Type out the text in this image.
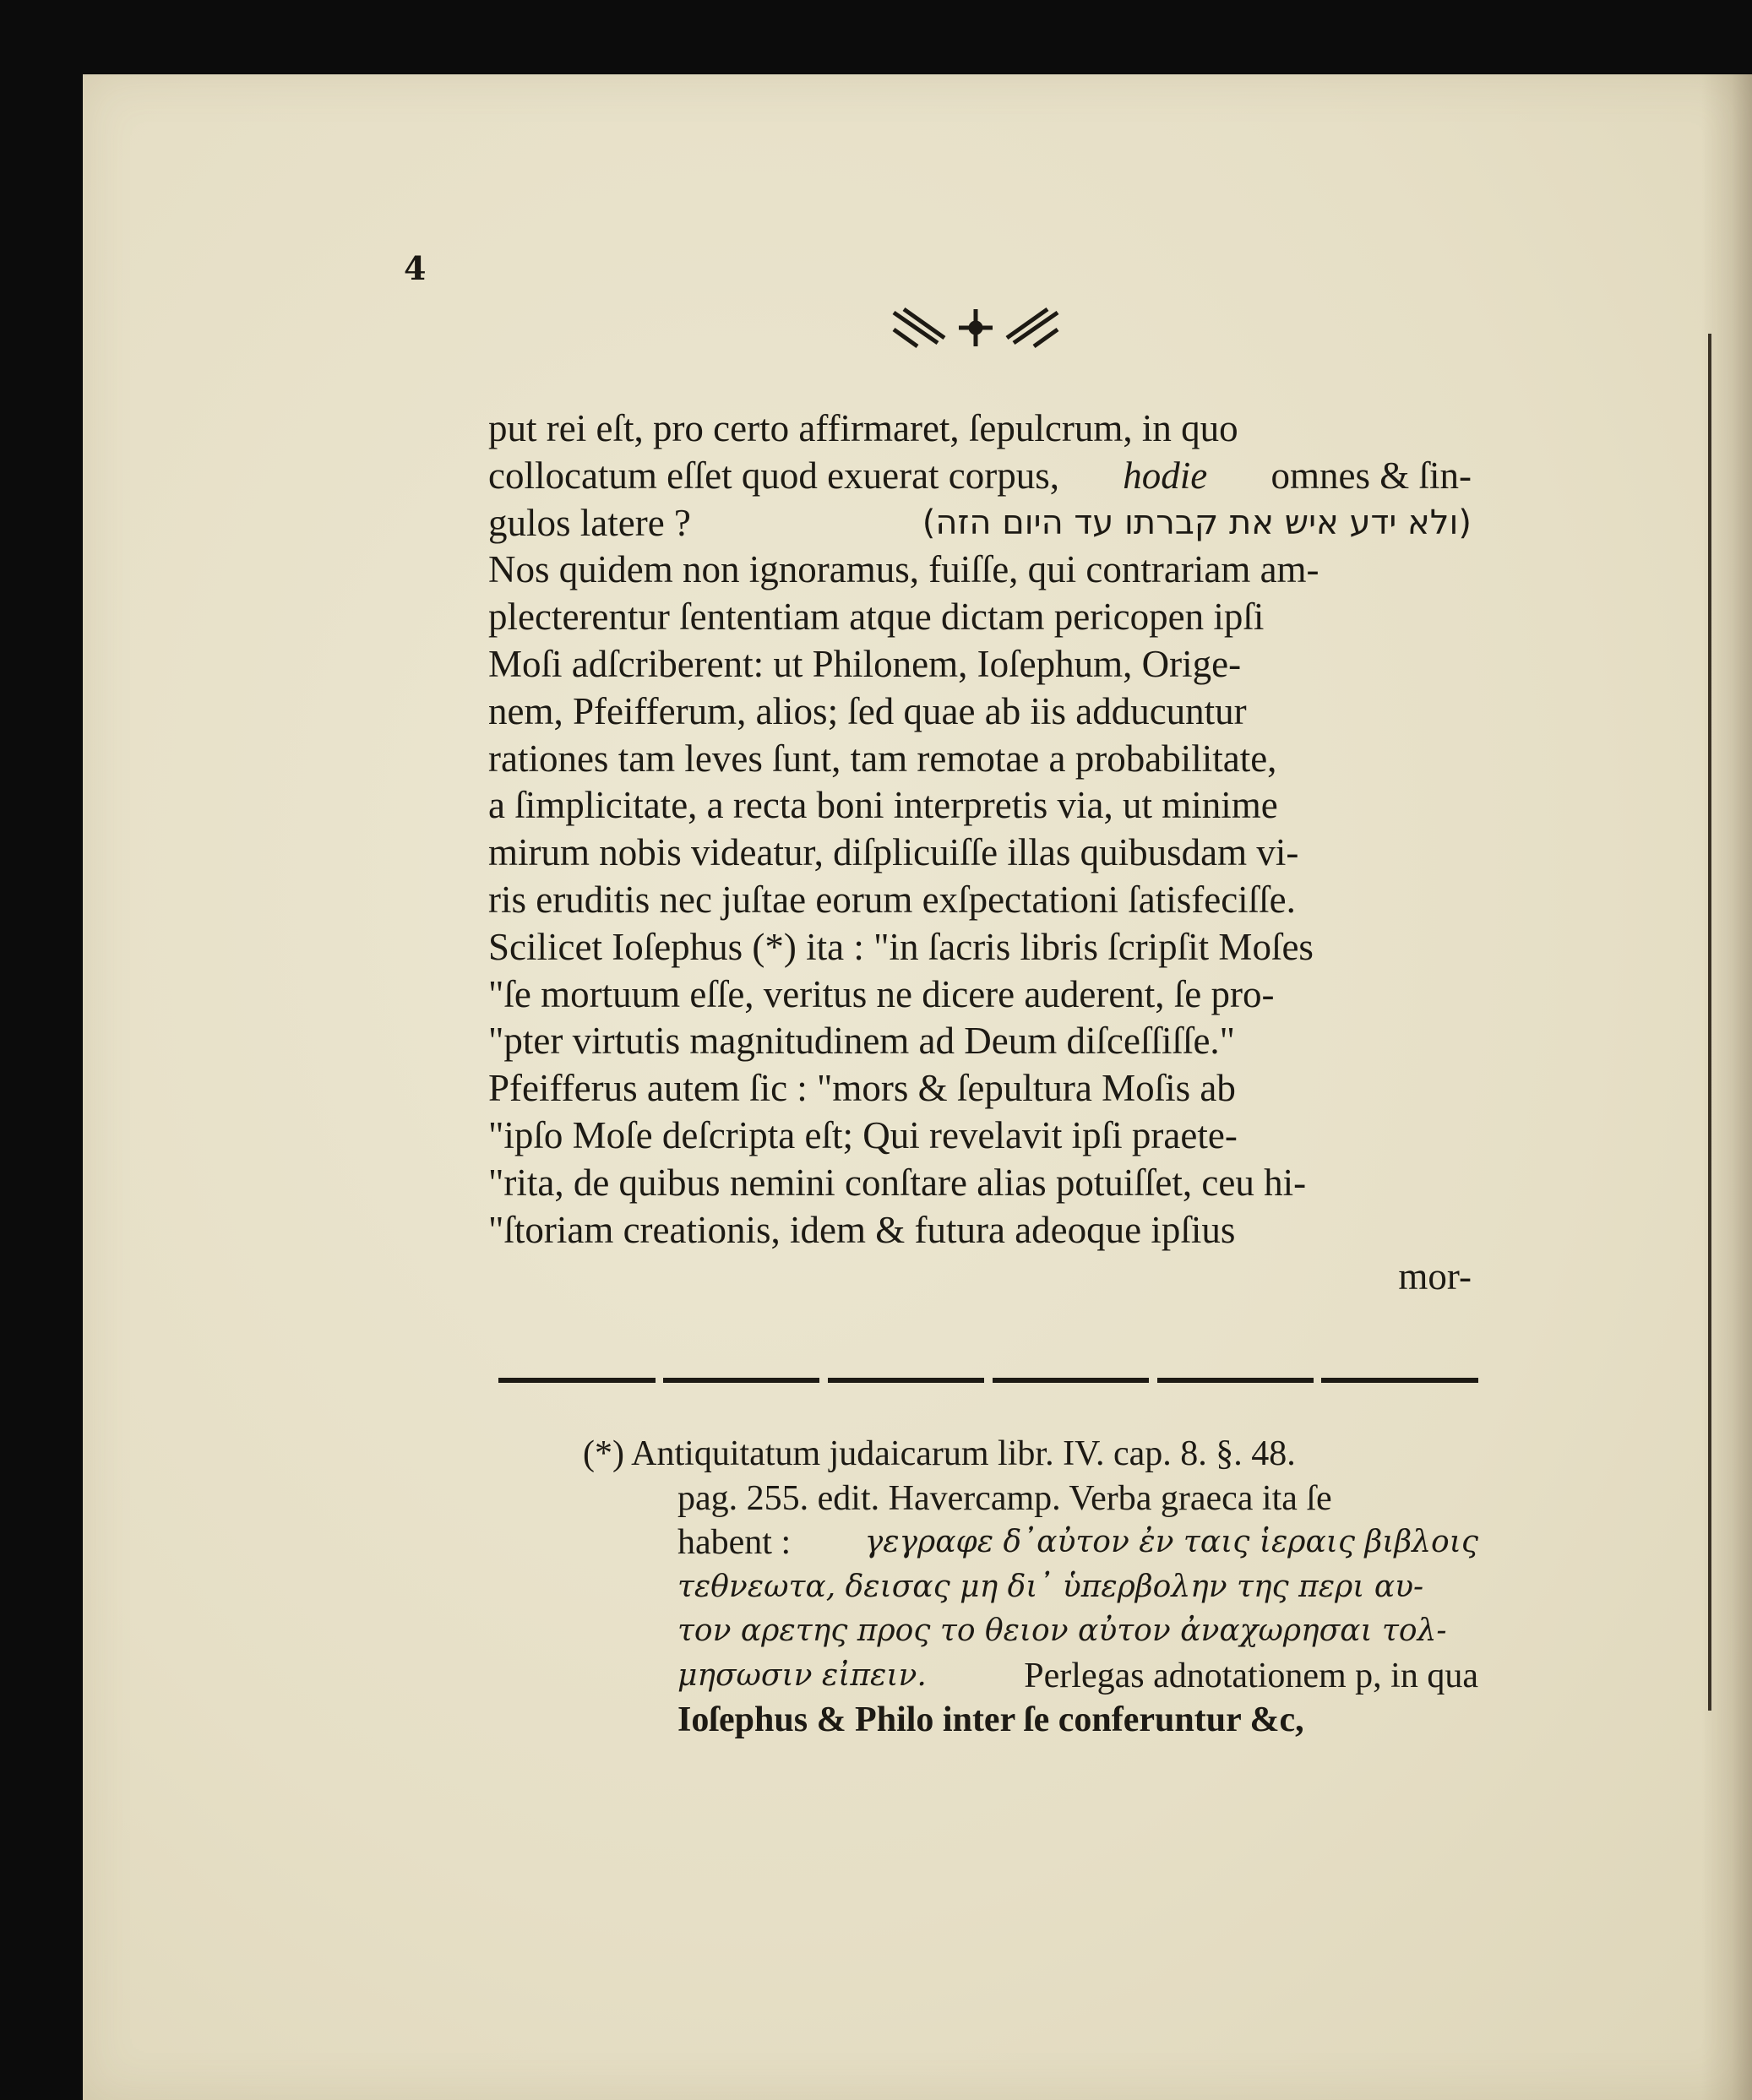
4
put rei eſt, pro certo affirmaret, ſepulcrum, in quo
collocatum eſſet quod exuerat corpus, hodie omnes & ſin-
gulos latere ?	(ולא ידע איש את קברתו עד היום הזה)
Nos quidem non ignoramus, fuiſſe, qui contrariam am-
plecterentur ſententiam atque dictam pericopen ipſi
Moſi adſcriberent: ut Philonem, Ioſephum, Orige-
nem, Pfeifferum, alios; ſed quae ab iis adducuntur
rationes tam leves ſunt, tam remotae a probabilitate,
a ſimplicitate, a recta boni interpretis via, ut minime
mirum nobis videatur, diſplicuiſſe illas quibusdam vi-
ris eruditis nec juſtae eorum exſpectationi ſatisfeciſſe.
Scilicet Ioſephus (*) ita : "in ſacris libris ſcripſit Moſes
"ſe mortuum eſſe, veritus ne dicere auderent, ſe pro-
"pter virtutis magnitudinem ad Deum diſceſſiſſe."
Pfeifferus autem ſic : "mors & ſepultura Moſis ab
"ipſo Moſe deſcripta eſt; Qui revelavit ipſi praete-
"rita, de quibus nemini conſtare alias potuiſſet, ceu hi-
"ſtoriam creationis, idem & futura adeoque ipſius
mor-
(*) Antiquitatum judaicarum libr. IV. cap. 8. §. 48.
pag. 255. edit. Havercamp. Verba graeca ita ſe
habent : γεγραφε δ᾽αὐτον ἐν ταις ἱεραις βιβλοις
τεθνεωτα, δεισας μη δι᾽ ὑπερβολην της περι αυ-
τον αρετης προς το θειον αὐτον ἀναχωρησαι τολ-
μησωσιν εἰπειν.	Perlegas adnotationem p, in qua
Ioſephus & Philo inter ſe conferuntur &c,
